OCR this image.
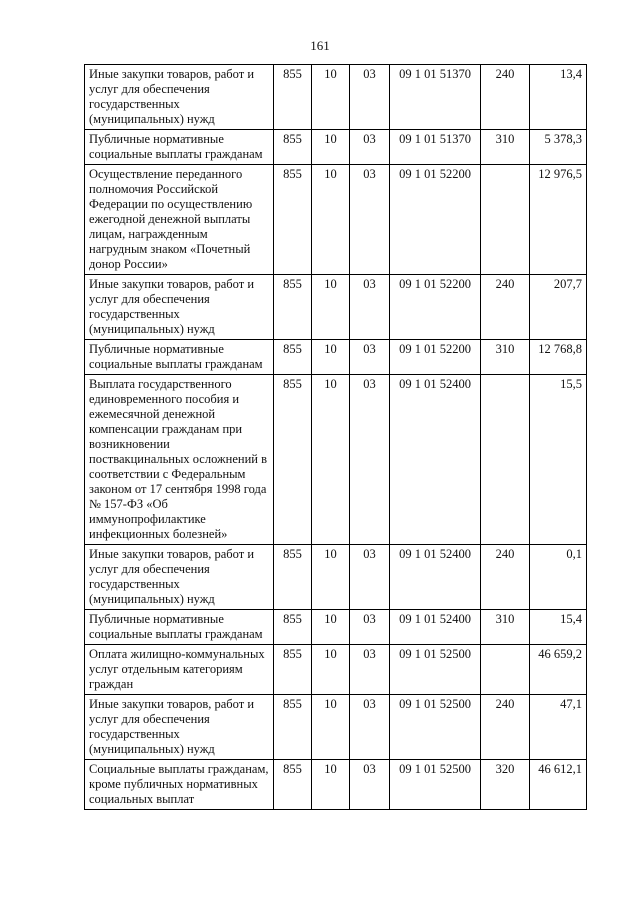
161
Иные закупки товаров, работ и услуг для обеспечения государственных (муниципальных) нужд	855	10	03	09 1 01 51370	240	13,4
Публичные нормативные социальные выплаты гражданам	855	10	03	09 1 01 51370	310	5 378,3
Осуществление переданного полномочия Российской Федерации по осуществлению ежегодной денежной выплаты лицам, награжденным нагрудным знаком «Почетный донор России»	855	10	03	09 1 01 52200		12 976,5
Иные закупки товаров, работ и услуг для обеспечения государственных (муниципальных) нужд	855	10	03	09 1 01 52200	240	207,7
Публичные нормативные социальные выплаты гражданам	855	10	03	09 1 01 52200	310	12 768,8
Выплата государственного единовременного пособия и ежемесячной денежной компенсации гражданам при возникновении поствакцинальных осложнений в соответствии с Федеральным законом от 17 сентября 1998 года № 157-ФЗ «Об иммунопрофилактике инфекционных болезней»	855	10	03	09 1 01 52400		15,5
Иные закупки товаров, работ и услуг для обеспечения государственных (муниципальных) нужд	855	10	03	09 1 01 52400	240	0,1
Публичные нормативные социальные выплаты гражданам	855	10	03	09 1 01 52400	310	15,4
Оплата жилищно-коммунальных услуг отдельным категориям граждан	855	10	03	09 1 01 52500		46 659,2
Иные закупки товаров, работ и услуг для обеспечения государственных (муниципальных) нужд	855	10	03	09 1 01 52500	240	47,1
Социальные выплаты гражданам, кроме публичных нормативных социальных выплат	855	10	03	09 1 01 52500	320	46 612,1
